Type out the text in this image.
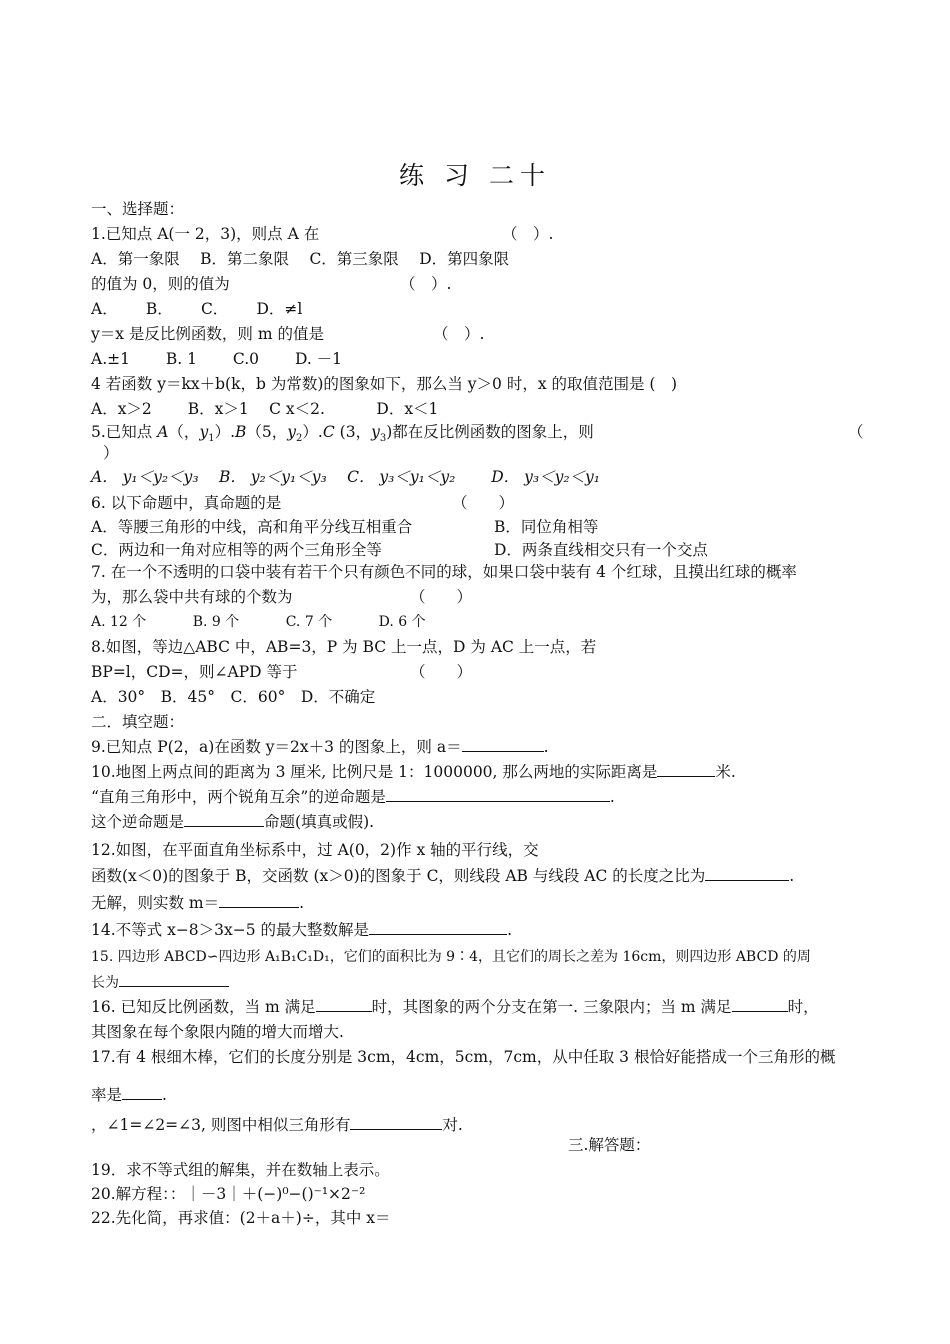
练 习 二十
一、选择题：
1.已知点 A(一 2，3)，则点 A 在	（　）.
A．第一象限　 B．第二象限　 C．第三象限　 D．第四象限
的值为 0，则的值为	（　）.
A．　　 B．　　 C．　　 D．≠l
y＝x 是反比例函数，则 m 的值是	（　）.
A.±1　　 B. 1　　 C.0　　 D. －1
4 若函数 y＝kx＋b(k，b 为常数)的图象如下，那么当 y＞0 时，x 的取值范围是 (　)
A．x＞2　　 B．x＞1　 C x＜2.　　　 D．x＜1
5.已知点 A（，$y_1).B(5$，$y_2).C$ (3，$y_3$)都在反比例函数的图象上，则	（
）
A． y₁＜y₂＜y₃　 B． y₂＜y₁＜y₃　 C． y₃＜y₁＜y₂　　 D． y₃＜y₂＜y₁
6. 以下命题中，真命题的是	（　　）
A．等腰三角形的中线，高和角平分线互相重合	B．同位角相等
C．两边和一角对应相等的两个三角形全等	D．两条直线相交只有一个交点
7. 在一个不透明的口袋中装有若干个只有颜色不同的球，如果口袋中装有 4 个红球，且摸出红球的概率
为，那么袋中共有球的个数为	（　　）
A. 12 个　　　 B. 9 个　　　 C. 7 个　　　 D. 6 个
8.如图，等边△ABC 中，AB=3，P 为 BC 上一点，D 为 AC 上一点，若
BP=l，CD=，则∠APD 等于	（　　）
A．30°　B．45°　C．60°　D．不确定
二．填空题：
9.已知点 P(2，a)在函数 y＝2x＋3 的图象上，则 a＝	.
10.地图上两点间的距离为 3 厘米, 比例尺是 1：1000000, 那么两地的实际距离是	米.
“直角三角形中，两个锐角互余”的逆命题是	.
这个逆命题是	命题(填真或假).
12.如图，在平面直角坐标系中，过 A(0，2)作 x 轴的平行线，交
函数(x＜0)的图象于 B，交函数 (x＞0)的图象于 C，则线段 AB 与线段 AC 的长度之比为	.
无解，则实数 m＝	.
14.不等式 x−8＞3x−5 的最大整数解是	.
15. 四边形 ABCD∽四边形 A₁B₁C₁D₁，它们的面积比为 9∶4，且它们的周长之差为 16cm，则四边形 ABCD 的周
长为
16. 已知反比例函数，当 m 满足	时，其图象的两个分支在第一. 三象限内；当 m 满足	时，
其图象在每个象限内随的增大而增大.
17.有 4 根细木棒，它们的长度分别是 3cm，4cm，5cm，7cm，从中任取 3 根恰好能搭成一个三角形的概
率是	.
，∠1=∠2=∠3, 则图中相似三角形有	对.
三.解答题：
19．求不等式组的解集，并在数轴上表示。
20.解方程：：｜－3｜＋(−)⁰−()⁻¹×2⁻²
22.先化简，再求值：(2＋a＋)÷，其中 x＝
